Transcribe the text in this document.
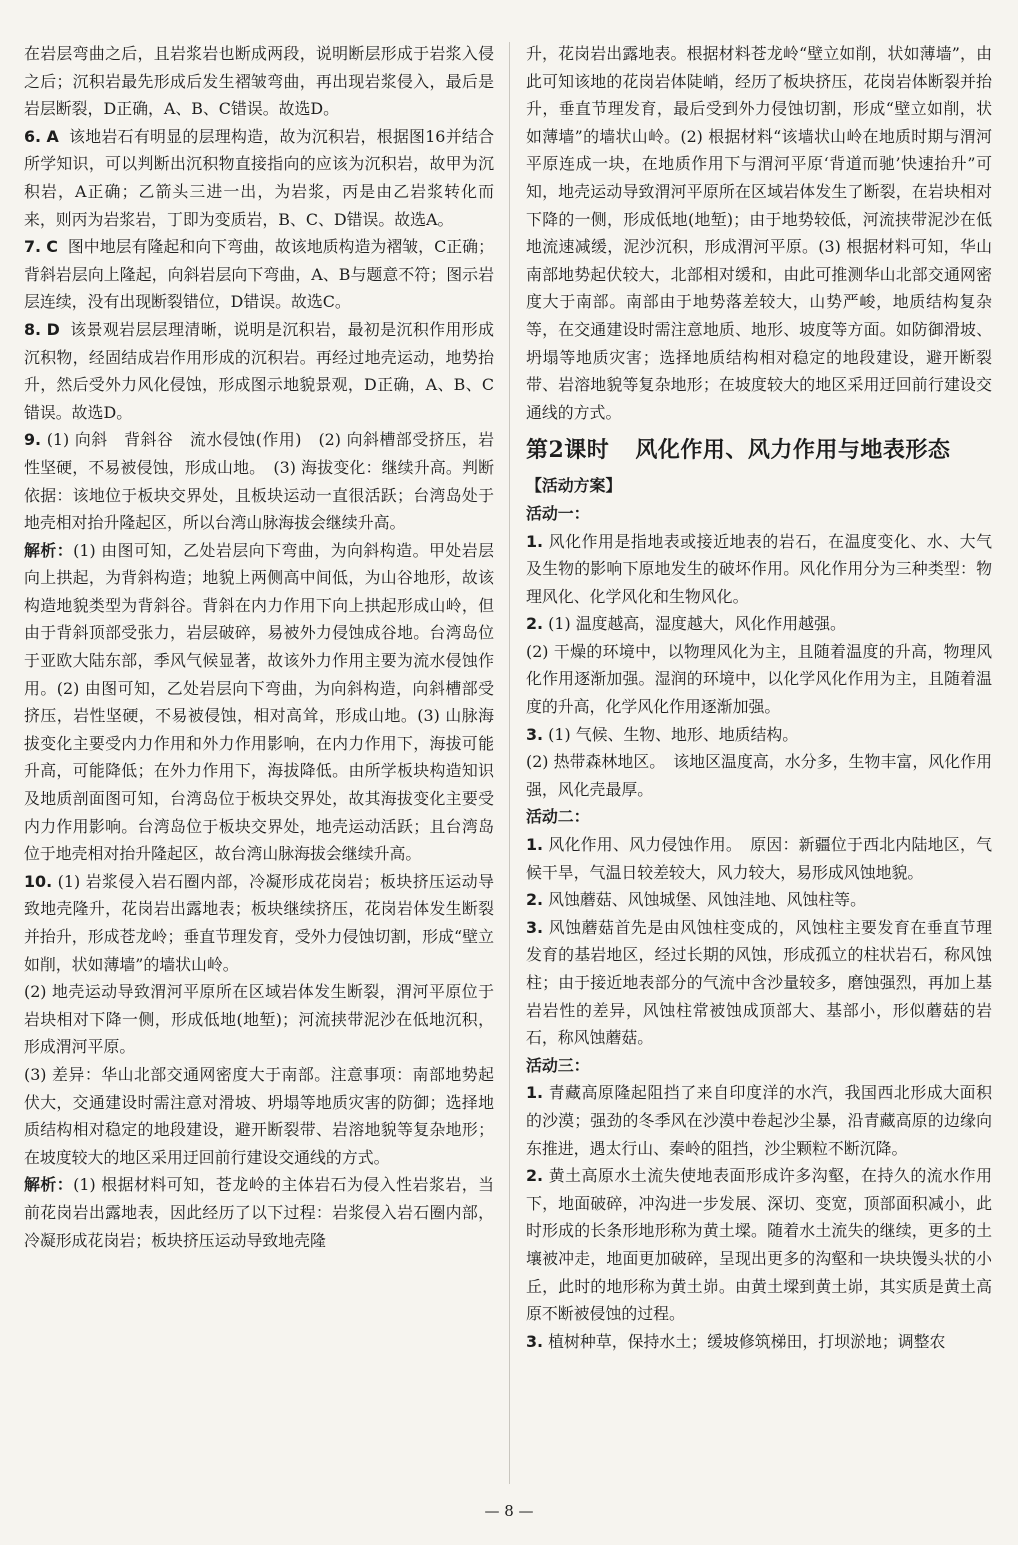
在岩层弯曲之后，且岩浆岩也断成两段，说明断层形成于岩浆入侵之后；沉积岩最先形成后发生褶皱弯曲，再出现岩浆侵入，最后是岩层断裂，D正确，A、B、C错误。故选D。

6. A 该地岩石有明显的层理构造，故为沉积岩，根据图16并结合所学知识，可以判断出沉积物直接指向的应该为沉积岩，故甲为沉积岩，A正确；乙箭头三进一出，为岩浆，丙是由乙岩浆转化而来，则丙为岩浆岩，丁即为变质岩，B、C、D错误。故选A。

7. C 图中地层有隆起和向下弯曲，故该地质构造为褶皱，C正确；背斜岩层向上隆起，向斜岩层向下弯曲，A、B与题意不符；图示岩层连续，没有出现断裂错位，D错误。故选C。

8. D 该景观岩层层理清晰，说明是沉积岩，最初是沉积作用形成沉积物，经固结成岩作用形成的沉积岩。再经过地壳运动，地势抬升，然后受外力风化侵蚀，形成图示地貌景观，D正确，A、B、C错误。故选D。

9. (1) 向斜　背斜谷　流水侵蚀(作用)　(2) 向斜槽部受挤压，岩性坚硬，不易被侵蚀，形成山地。　(3) 海拔变化：继续升高。判断依据：该地位于板块交界处，且板块运动一直很活跃；台湾岛处于地壳相对抬升隆起区，所以台湾山脉海拔会继续升高。

解析：(1) 由图可知，乙处岩层向下弯曲，为向斜构造。甲处岩层向上拱起，为背斜构造；地貌上两侧高中间低，为山谷地形，故该构造地貌类型为背斜谷。背斜在内力作用下向上拱起形成山岭，但由于背斜顶部受张力，岩层破碎，易被外力侵蚀成谷地。台湾岛位于亚欧大陆东部，季风气候显著，故该外力作用主要为流水侵蚀作用。(2) 由图可知，乙处岩层向下弯曲，为向斜构造，向斜槽部受挤压，岩性坚硬，不易被侵蚀，相对高耸，形成山地。(3) 山脉海拔变化主要受内力作用和外力作用影响，在内力作用下，海拔可能升高，可能降低；在外力作用下，海拔降低。由所学板块构造知识及地质剖面图可知，台湾岛位于板块交界处，故其海拔变化主要受内力作用影响。台湾岛位于板块交界处，地壳运动活跃；且台湾岛位于地壳相对抬升隆起区，故台湾山脉海拔会继续升高。

10. (1) 岩浆侵入岩石圈内部，冷凝形成花岗岩；板块挤压运动导致地壳隆升，花岗岩出露地表；板块继续挤压，花岗岩体发生断裂并抬升，形成苍龙岭；垂直节理发育，受外力侵蚀切割，形成“壁立如削，状如薄墙”的墙状山岭。

(2) 地壳运动导致渭河平原所在区域岩体发生断裂，渭河平原位于岩块相对下降一侧，形成低地(地堑)；河流挟带泥沙在低地沉积，形成渭河平原。

(3) 差异：华山北部交通网密度大于南部。注意事项：南部地势起伏大，交通建设时需注意对滑坡、坍塌等地质灾害的防御；选择地质结构相对稳定的地段建设，避开断裂带、岩溶地貌等复杂地形；在坡度较大的地区采用迂回前行建设交通线的方式。

解析：(1) 根据材料可知，苍龙岭的主体岩石为侵入性岩浆岩，当前花岗岩出露地表，因此经历了以下过程：岩浆侵入岩石圈内部，冷凝形成花岗岩；板块挤压运动导致地壳隆

升，花岗岩出露地表。根据材料苍龙岭“壁立如削，状如薄墙”，由此可知该地的花岗岩体陡峭，经历了板块挤压，花岗岩体断裂并抬升，垂直节理发育，最后受到外力侵蚀切割，形成“壁立如削，状如薄墙”的墙状山岭。(2) 根据材料“该墙状山岭在地质时期与渭河平原连成一块，在地质作用下与渭河平原‘背道而驰’快速抬升”可知，地壳运动导致渭河平原所在区域岩体发生了断裂，在岩块相对下降的一侧，形成低地(地堑)；由于地势较低，河流挟带泥沙在低地流速减缓，泥沙沉积，形成渭河平原。(3) 根据材料可知，华山南部地势起伏较大，北部相对缓和，由此可推测华山北部交通网密度大于南部。南部由于地势落差较大，山势严峻，地质结构复杂等，在交通建设时需注意地质、地形、坡度等方面。如防御滑坡、坍塌等地质灾害；选择地质结构相对稳定的地段建设，避开断裂带、岩溶地貌等复杂地形；在坡度较大的地区采用迂回前行建设交通线的方式。

第2课时 风化作用、风力作用与地表形态

【活动方案】

活动一：

1. 风化作用是指地表或接近地表的岩石，在温度变化、水、大气及生物的影响下原地发生的破坏作用。风化作用分为三种类型：物理风化、化学风化和生物风化。

2. (1) 温度越高，湿度越大，风化作用越强。

(2) 干燥的环境中，以物理风化为主，且随着温度的升高，物理风化作用逐渐加强。湿润的环境中，以化学风化作用为主，且随着温度的升高，化学风化作用逐渐加强。

3. (1) 气候、生物、地形、地质结构。

(2) 热带森林地区。　该地区温度高，水分多，生物丰富，风化作用强，风化壳最厚。

活动二：

1. 风化作用、风力侵蚀作用。　原因：新疆位于西北内陆地区，气候干旱，气温日较差较大，风力较大，易形成风蚀地貌。

2. 风蚀蘑菇、风蚀城堡、风蚀洼地、风蚀柱等。

3. 风蚀蘑菇首先是由风蚀柱变成的，风蚀柱主要发育在垂直节理发育的基岩地区，经过长期的风蚀，形成孤立的柱状岩石，称风蚀柱；由于接近地表部分的气流中含沙量较多，磨蚀强烈，再加上基岩岩性的差异，风蚀柱常被蚀成顶部大、基部小，形似蘑菇的岩石，称风蚀蘑菇。

活动三：

1. 青藏高原隆起阻挡了来自印度洋的水汽，我国西北形成大面积的沙漠；强劲的冬季风在沙漠中卷起沙尘暴，沿青藏高原的边缘向东推进，遇太行山、秦岭的阻挡，沙尘颗粒不断沉降。

2. 黄土高原水土流失使地表面形成许多沟壑，在持久的流水作用下，地面破碎，冲沟进一步发展、深切、变宽，顶部面积减小，此时形成的长条形地形称为黄土墚。随着水土流失的继续，更多的土壤被冲走，地面更加破碎，呈现出更多的沟壑和一块块馒头状的小丘，此时的地形称为黄土峁。由黄土墚到黄土峁，其实质是黄土高原不断被侵蚀的过程。

3. 植树种草，保持水土；缓坡修筑梯田，打坝淤地；调整农

— 8 —
